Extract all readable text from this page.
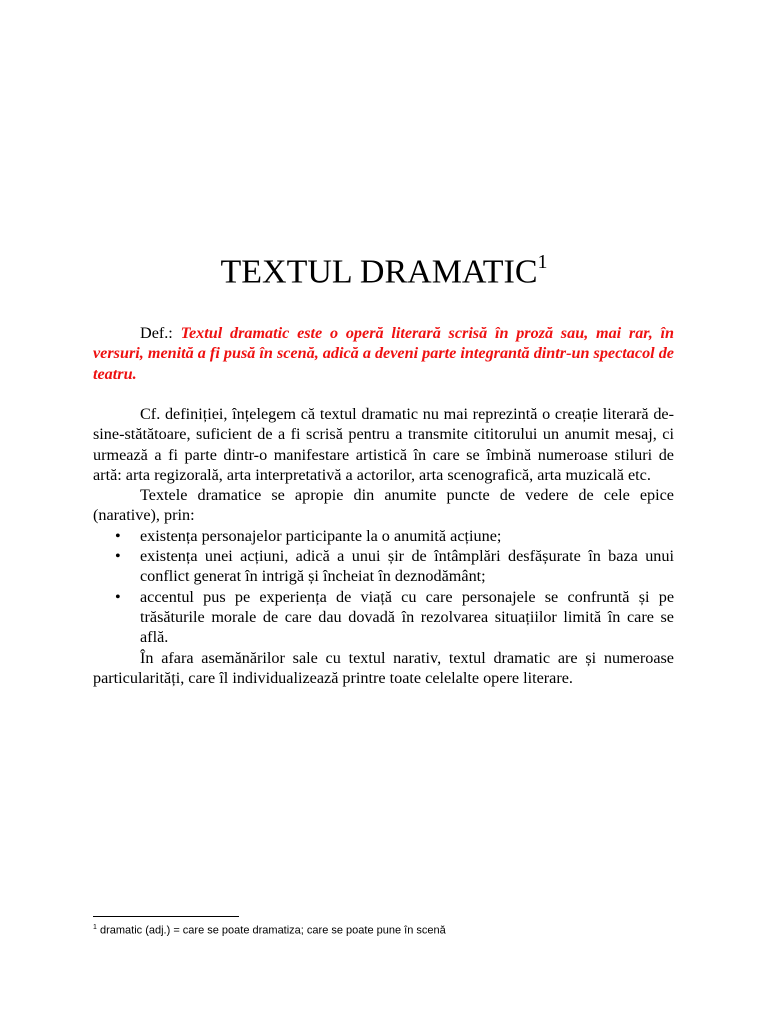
TEXTUL DRAMATIC$^1$

Def.: Textul dramatic este o operă literară scrisă în proză sau, mai rar, în versuri, menită a fi pusă în scenă, adică a deveni parte integrantă dintr-un spectacol de teatru.

Cf. definiției, înțelegem că textul dramatic nu mai reprezintă o creație literară de-sine-stătătoare, suficient de a fi scrisă pentru a transmite cititorului un anumit mesaj, ci urmează a fi parte dintr-o manifestare artistică în care se îmbină numeroase stiluri de artă: arta regizorală, arta interpretativă a actorilor, arta scenografică, arta muzicală etc.

Textele dramatice se apropie din anumite puncte de vedere de cele epice (narative), prin:

• existența personajelor participante la o anumită acțiune;
• existența unei acțiuni, adică a unui șir de întâmplări desfășurate în baza unui conflict generat în intrigă și încheiat în deznodământ;
• accentul pus pe experiența de viață cu care personajele se confruntă și pe trăsăturile morale de care dau dovadă în rezolvarea situațiilor limită în care se află.

În afara asemănărilor sale cu textul narativ, textul dramatic are și numeroase particularități, care îl individualizează printre toate celelalte opere literare.

$^1$ dramatic (adj.) = care se poate dramatiza; care se poate pune în scenă
